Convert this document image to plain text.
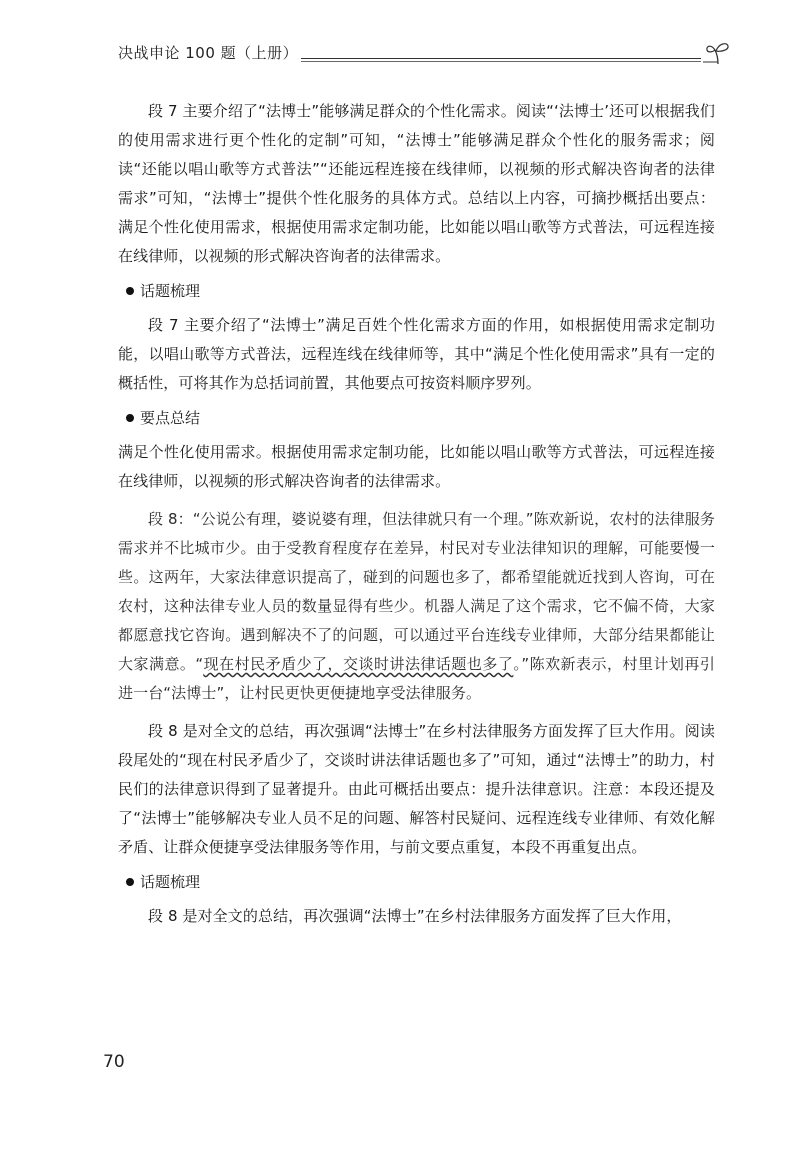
决战申论 100 题（上册）

段 7 主要介绍了“法博士”能够满足群众的个性化需求。阅读“‘法博士’还可以根据我们的使用需求进行更个性化的定制”可知，“法博士”能够满足群众个性化的服务需求；阅读“还能以唱山歌等方式普法”“还能远程连接在线律师，以视频的形式解决咨询者的法律需求”可知，“法博士”提供个性化服务的具体方式。总结以上内容，可摘抄概括出要点：满足个性化使用需求，根据使用需求定制功能，比如能以唱山歌等方式普法，可远程连接在线律师，以视频的形式解决咨询者的法律需求。

话题梳理

段 7 主要介绍了“法博士”满足百姓个性化需求方面的作用，如根据使用需求定制功能，以唱山歌等方式普法，远程连线在线律师等，其中“满足个性化使用需求”具有一定的概括性，可将其作为总括词前置，其他要点可按资料顺序罗列。

要点总结

满足个性化使用需求。根据使用需求定制功能，比如能以唱山歌等方式普法，可远程连接在线律师，以视频的形式解决咨询者的法律需求。

段 8：“公说公有理，婆说婆有理，但法律就只有一个理。”陈欢新说，农村的法律服务需求并不比城市少。由于受教育程度存在差异，村民对专业法律知识的理解，可能要慢一些。这两年，大家法律意识提高了，碰到的问题也多了，都希望能就近找到人咨询，可在农村，这种法律专业人员的数量显得有些少。机器人满足了这个需求，它不偏不倚，大家都愿意找它咨询。遇到解决不了的问题，可以通过平台连线专业律师，大部分结果都能让大家满意。“现在村民矛盾少了，交谈时讲法律话题也多了。”陈欢新表示，村里计划再引进一台“法博士”，让村民更快更便捷地享受法律服务。

段 8 是对全文的总结，再次强调“法博士”在乡村法律服务方面发挥了巨大作用。阅读段尾处的“现在村民矛盾少了，交谈时讲法律话题也多了”可知，通过“法博士”的助力，村民们的法律意识得到了显著提升。由此可概括出要点：提升法律意识。注意：本段还提及了“法博士”能够解决专业人员不足的问题、解答村民疑问、远程连线专业律师、有效化解矛盾、让群众便捷享受法律服务等作用，与前文要点重复，本段不再重复出点。

话题梳理

段 8 是对全文的总结，再次强调“法博士”在乡村法律服务方面发挥了巨大作用，

70
